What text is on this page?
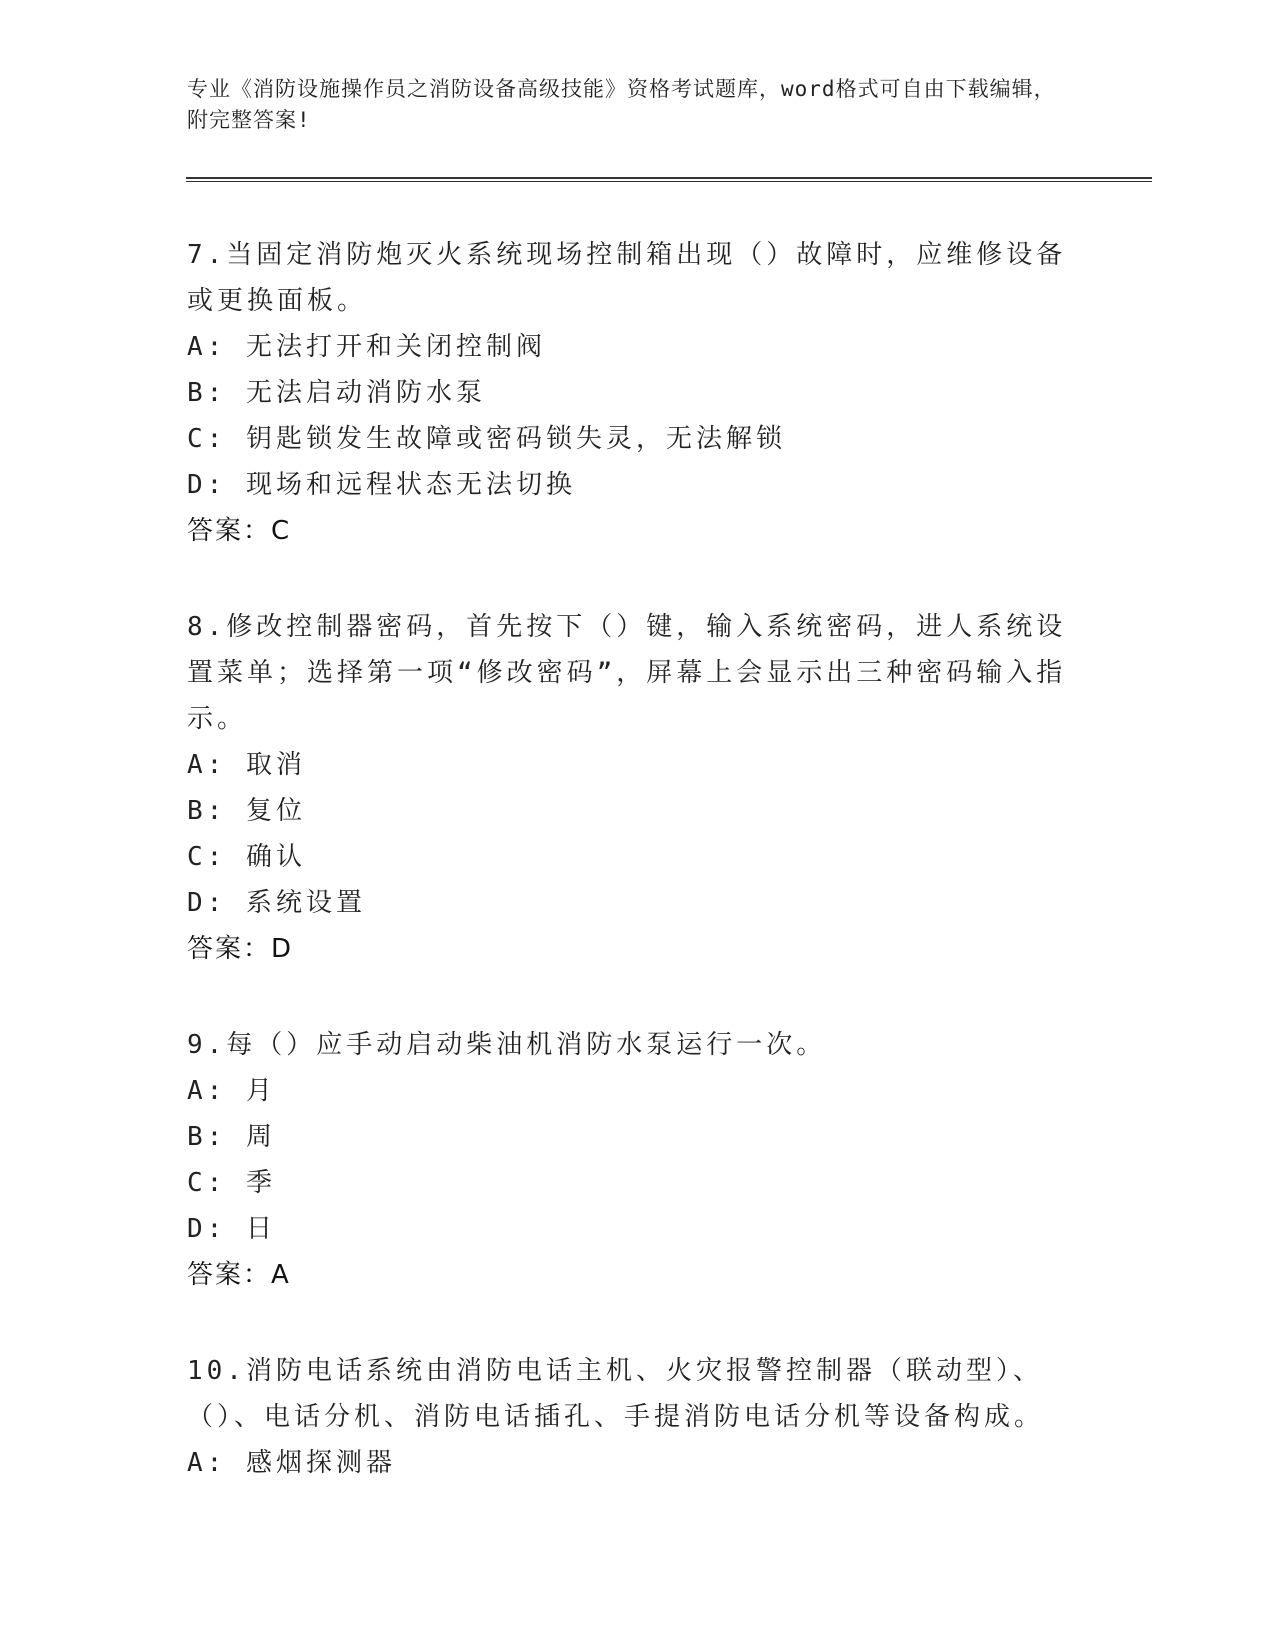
专业《消防设施操作员之消防设备高级技能》资格考试题库，word格式可自由下载编辑，附完整答案!

7.当固定消防炮灭火系统现场控制箱出现（）故障时，应维修设备或更换面板。

A: 无法打开和关闭控制阀

B: 无法启动消防水泵

C: 钥匙锁发生故障或密码锁失灵，无法解锁

D: 现场和远程状态无法切换

答案：C

8.修改控制器密码，首先按下（）键，输入系统密码，进人系统设置菜单；选择第一项“修改密码”，屏幕上会显示出三种密码输入指示。

A: 取消

B: 复位

C: 确认

D: 系统设置

答案：D

9.每（）应手动启动柴油机消防水泵运行一次。

A: 月

B: 周

C: 季

D: 日

答案：A

10.消防电话系统由消防电话主机、火灾报警控制器（联动型）、（）、电话分机、消防电话插孔、手提消防电话分机等设备构成。

A: 感烟探测器
